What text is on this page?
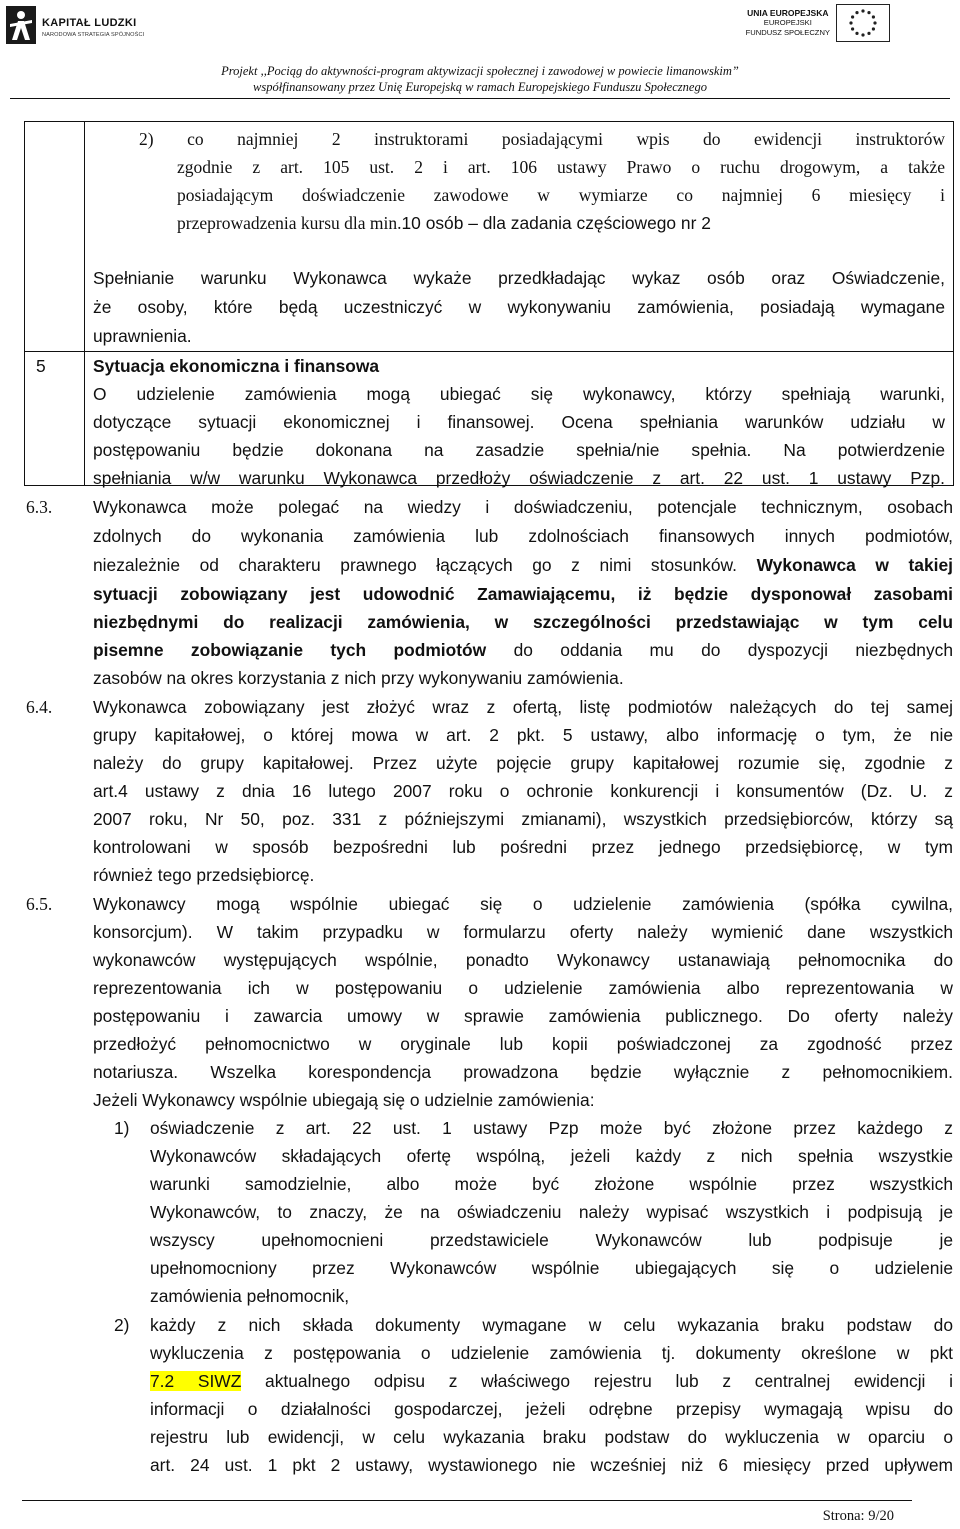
KAPITAŁ LUDZKI
NARODOWA STRATEGIA SPÓJNOŚCI
UNIA EUROPEJSKA
EUROPEJSKI
FUNDUSZ SPOŁECZNY
Projekt ,,Pociąg do aktywności-program aktywizacji społecznej i zawodowej w powiecie limanowskim”
współfinansowany przez Unię Europejską w ramach Europejskiego Funduszu Społecznego
2) co najmniej 2 instruktorami posiadającymi wpis do ewidencji instruktorów
zgodnie z art. 105 ust. 2 i art. 106 ustawy Prawo o ruchu drogowym, a także
posiadającym doświadczenie zawodowe w wymiarze co najmniej 6 miesięcy i
przeprowadzenia kursu dla min.10 osób – dla zadania częściowego nr 2
Spełnianie warunku Wykonawca wykaże przedkładając wykaz osób oraz Oświadczenie,
że osoby, które będą uczestniczyć w wykonywaniu zamówienia, posiadają wymagane
uprawnienia.
5	Sytuacja ekonomiczna i finansowa
O udzielenie zamówienia mogą ubiegać się wykonawcy, którzy spełniają warunki,
dotyczące sytuacji ekonomicznej i finansowej. Ocena spełniania warunków udziału w
postępowaniu będzie dokonana na zasadzie spełnia/nie spełnia. Na potwierdzenie
spełniania w/w warunku Wykonawca przedłoży oświadczenie z art. 22 ust. 1 ustawy Pzp.
6.3. Wykonawca może polegać na wiedzy i doświadczeniu, potencjale technicznym, osobach
zdolnych do wykonania zamówienia lub zdolnościach finansowych innych podmiotów,
niezależnie od charakteru prawnego łączących go z nimi stosunków. Wykonawca w takiej
sytuacji zobowiązany jest udowodnić Zamawiającemu, iż będzie dysponował zasobami
niezbędnymi do realizacji zamówienia, w szczególności przedstawiając w tym celu
pisemne zobowiązanie tych podmiotów do oddania mu do dyspozycji niezbędnych
zasobów na okres korzystania z nich przy wykonywaniu zamówienia.
6.4. Wykonawca zobowiązany jest złożyć wraz z ofertą, listę podmiotów należących do tej samej
grupy kapitałowej, o której mowa w art. 2 pkt. 5 ustawy, albo informację o tym, że nie
należy do grupy kapitałowej. Przez użyte pojęcie grupy kapitałowej rozumie się, zgodnie z
art.4 ustawy z dnia 16 lutego 2007 roku o ochronie konkurencji i konsumentów (Dz. U. z
2007 roku, Nr 50, poz. 331 z późniejszymi zmianami), wszystkich przedsiębiorców, którzy są
kontrolowani w sposób bezpośredni lub pośredni przez jednego przedsiębiorcę, w tym
również tego przedsiębiorcę.
6.5. Wykonawcy mogą wspólnie ubiegać się o udzielenie zamówienia (spółka cywilna,
konsorcjum). W takim przypadku w formularzu oferty należy wymienić dane wszystkich
wykonawców występujących wspólnie, ponadto Wykonawcy ustanawiają pełnomocnika do
reprezentowania ich w postępowaniu o udzielenie zamówienia albo reprezentowania w
postępowaniu i zawarcia umowy w sprawie zamówienia publicznego. Do oferty należy
przedłożyć pełnomocnictwo w oryginale lub kopii poświadczonej za zgodność przez
notariusza. Wszelka korespondencja prowadzona będzie wyłącznie z pełnomocnikiem.
Jeżeli Wykonawcy wspólnie ubiegają się o udzielnie zamówienia:
1) oświadczenie z art. 22 ust. 1 ustawy Pzp może być złożone przez każdego z
Wykonawców składających ofertę wspólną, jeżeli każdy z nich spełnia wszystkie
warunki samodzielnie, albo może być złożone wspólnie przez wszystkich
Wykonawców, to znaczy, że na oświadczeniu należy wypisać wszystkich i podpisują je
wszyscy upełnomocnieni przedstawiciele Wykonawców lub podpisuje je
upełnomocniony przez Wykonawców wspólnie ubiegających się o udzielenie
zamówienia pełnomocnik,
2) każdy z nich składa dokumenty wymagane w celu wykazania braku podstaw do
wykluczenia z postępowania o udzielenie zamówienia tj. dokumenty określone w pkt
7.2 SIWZ aktualnego odpisu z właściwego rejestru lub z centralnej ewidencji i
informacji o działalności gospodarczej, jeżeli odrębne przepisy wymagają wpisu do
rejestru lub ewidencji, w celu wykazania braku podstaw do wykluczenia w oparciu o
art. 24 ust. 1 pkt 2 ustawy, wystawionego nie wcześniej niż 6 miesięcy przed upływem
Strona: 9/20
